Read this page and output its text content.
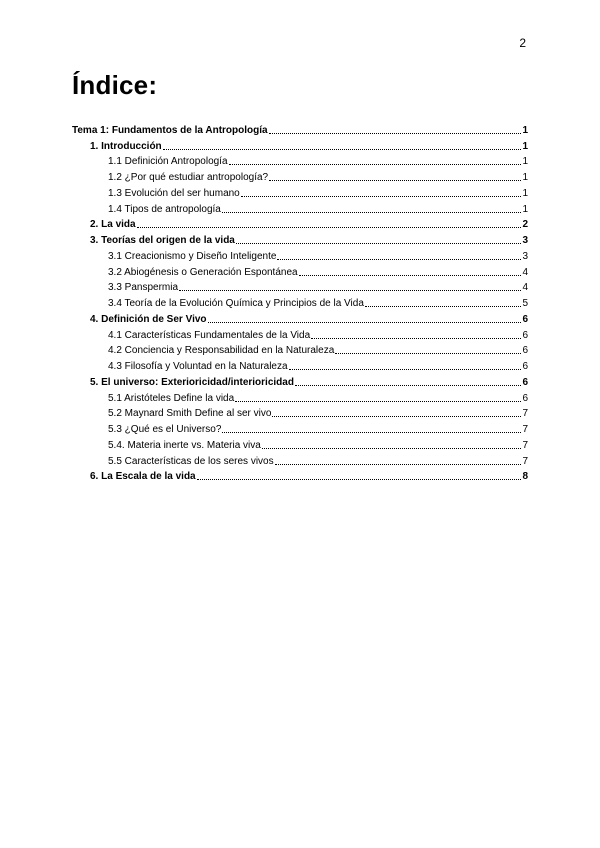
2
Índice:
Tema 1: Fundamentos de la Antropología	1
1. Introducción	1
1.1 Definición Antropología	1
1.2 ¿Por qué estudiar antropología?	1
1.3 Evolución del ser humano	1
1.4 Tipos de antropología	1
2. La vida	2
3. Teorías del origen de la vida	3
3.1 Creacionismo y Diseño Inteligente	3
3.2 Abiogénesis o Generación Espontánea	4
3.3 Panspermia	4
3.4 Teoría de la Evolución Química y Principios de la Vida	5
4. Definición de Ser Vivo	6
4.1 Características Fundamentales de la Vida	6
4.2 Conciencia y Responsabilidad en la Naturaleza	6
4.3 Filosofía y Voluntad en la Naturaleza	6
5. El universo: Exterioricidad/interioricidad	6
5.1 Aristóteles Define la vida	6
5.2 Maynard Smith Define al ser vivo	7
5.3 ¿Qué es el Universo?	7
5.4. Materia inerte vs. Materia viva	7
5.5 Características de los seres vivos	7
6. La Escala de la vida	8
